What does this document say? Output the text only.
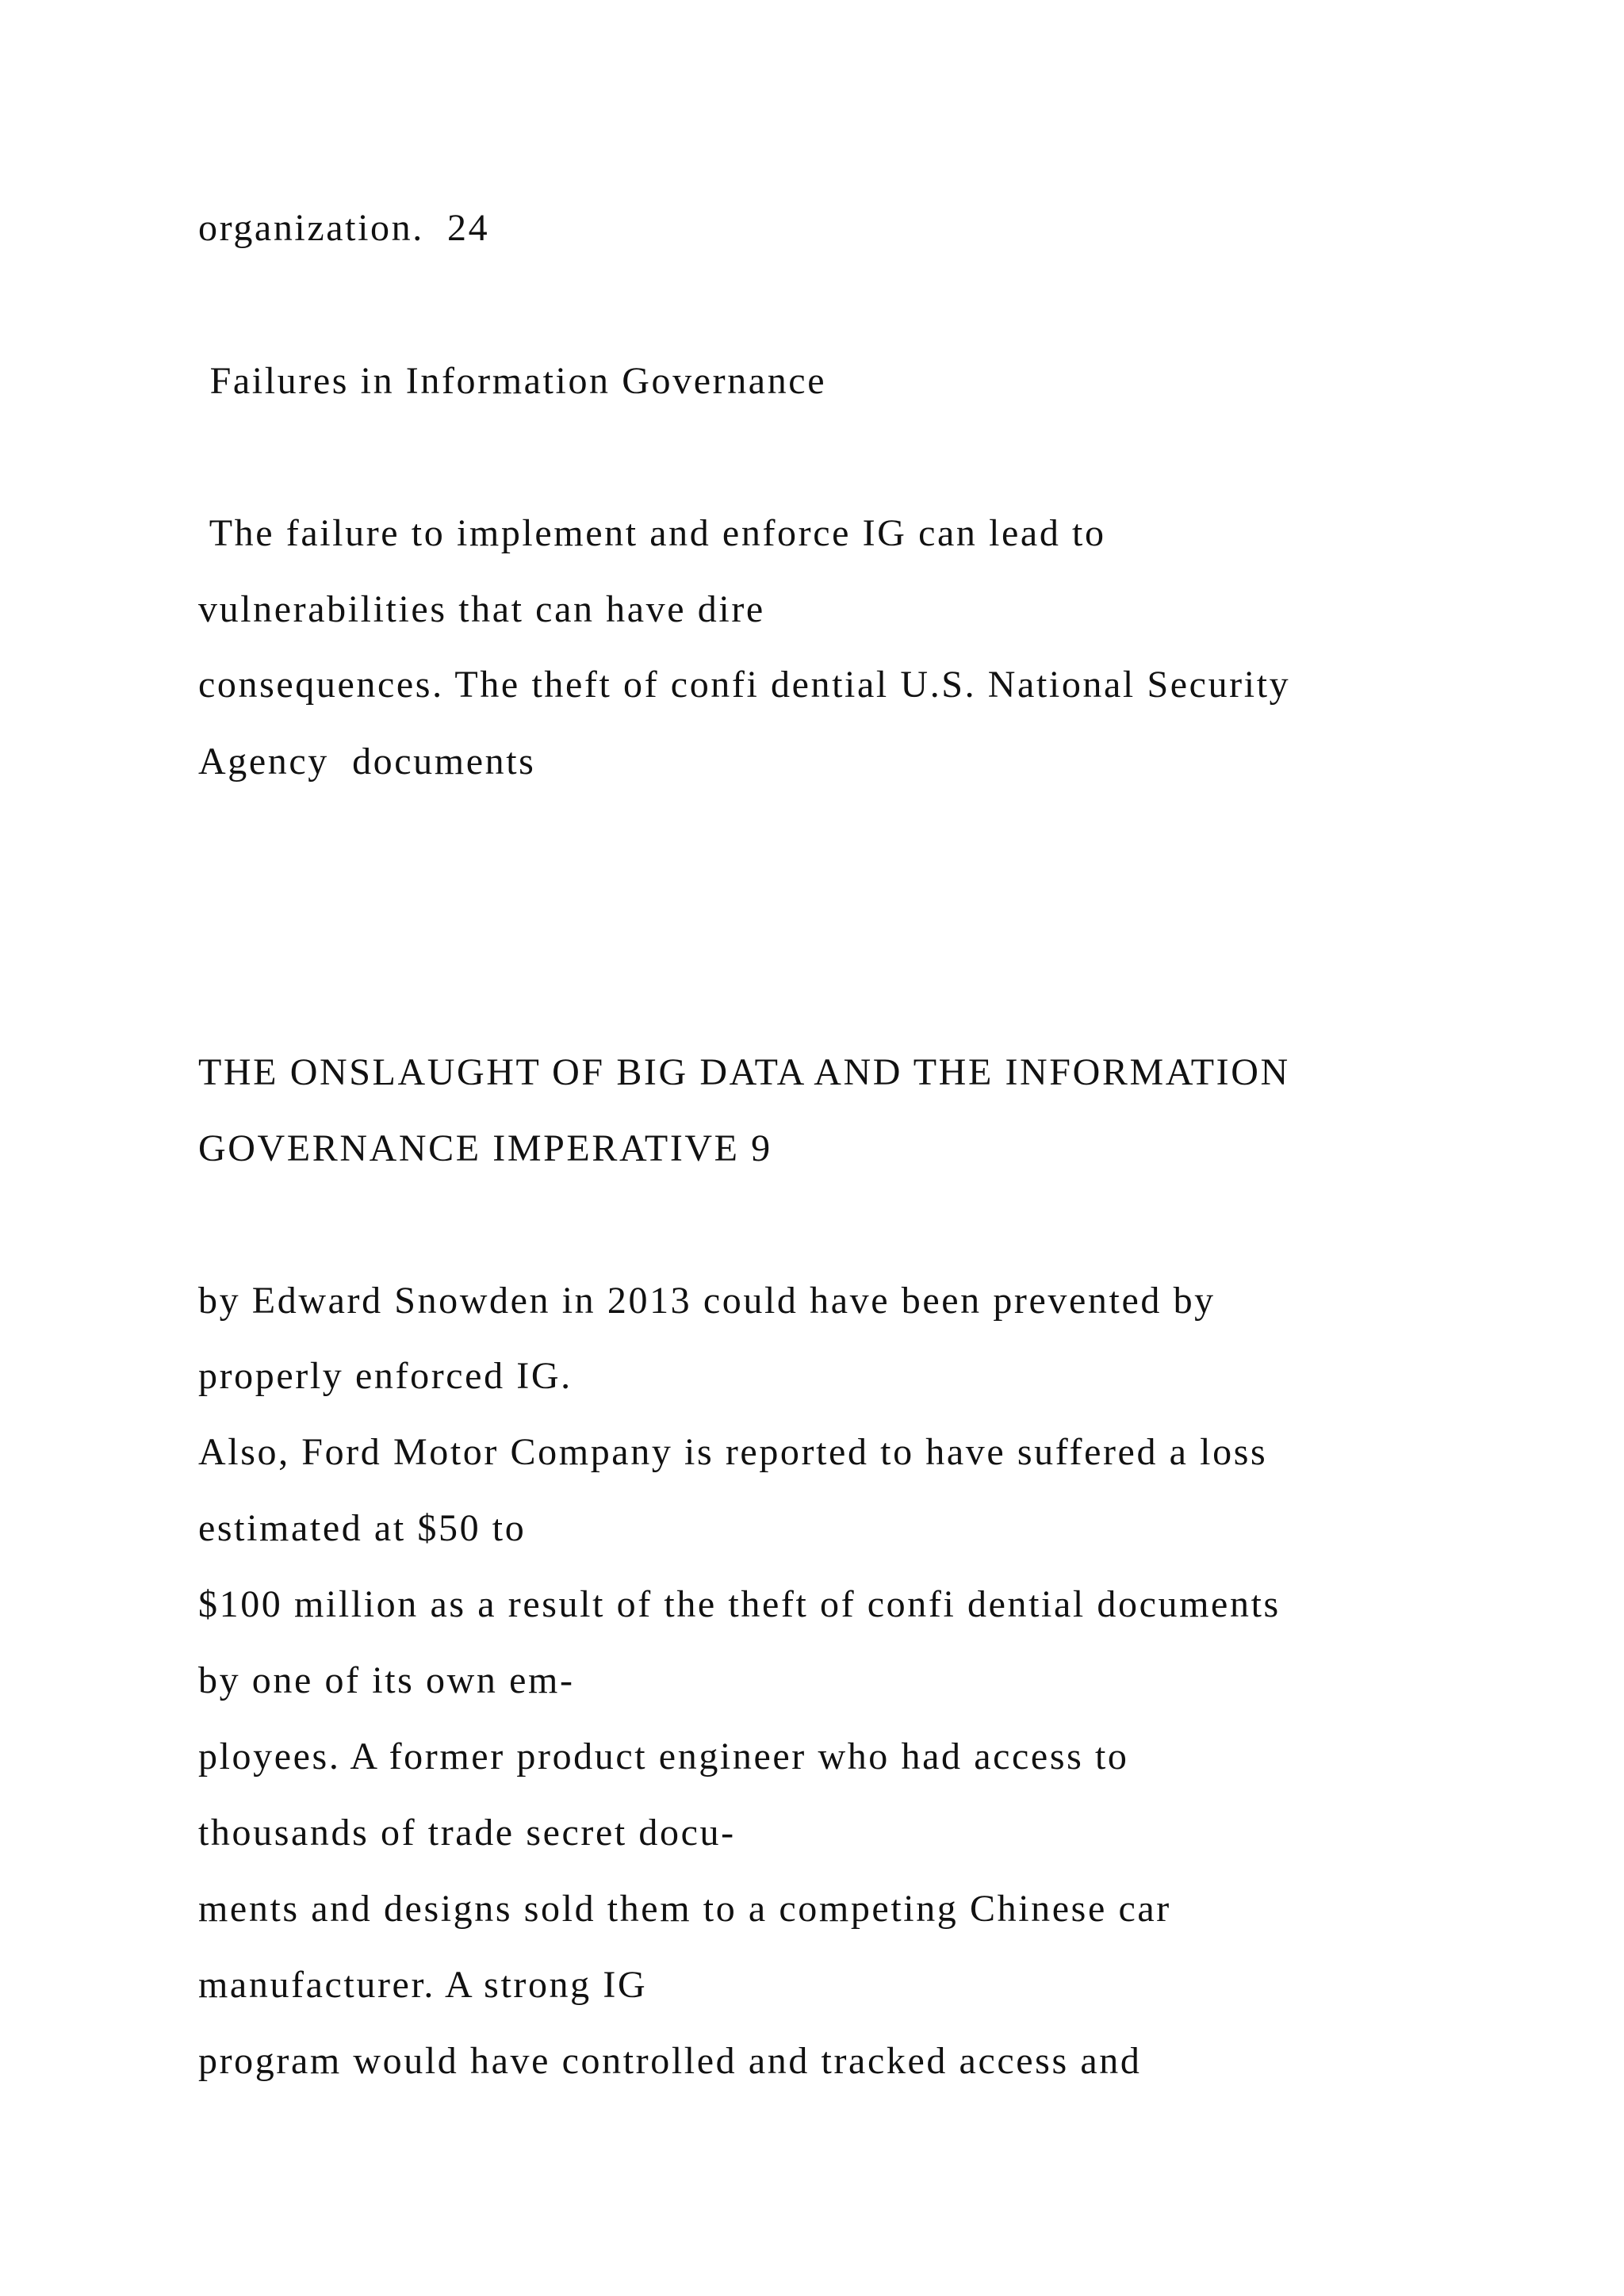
organization.  24

Failures in Information Governance

The failure to implement and enforce IG can lead to

vulnerabilities that can have dire

consequences. The theft of confi dential U.S. National Security

Agency  documents

THE ONSLAUGHT OF BIG DATA AND THE INFORMATION

GOVERNANCE IMPERATIVE 9

by Edward Snowden in 2013 could have been prevented by

properly enforced IG.

Also, Ford Motor Company is reported to have suffered a loss

estimated at $50 to

$100 million as a result of the theft of confi dential documents

by one of its own em-

ployees. A former product engineer who had access to

thousands of trade secret docu-

ments and designs sold them to a competing Chinese car

manufacturer. A strong IG

program would have controlled and tracked access and
